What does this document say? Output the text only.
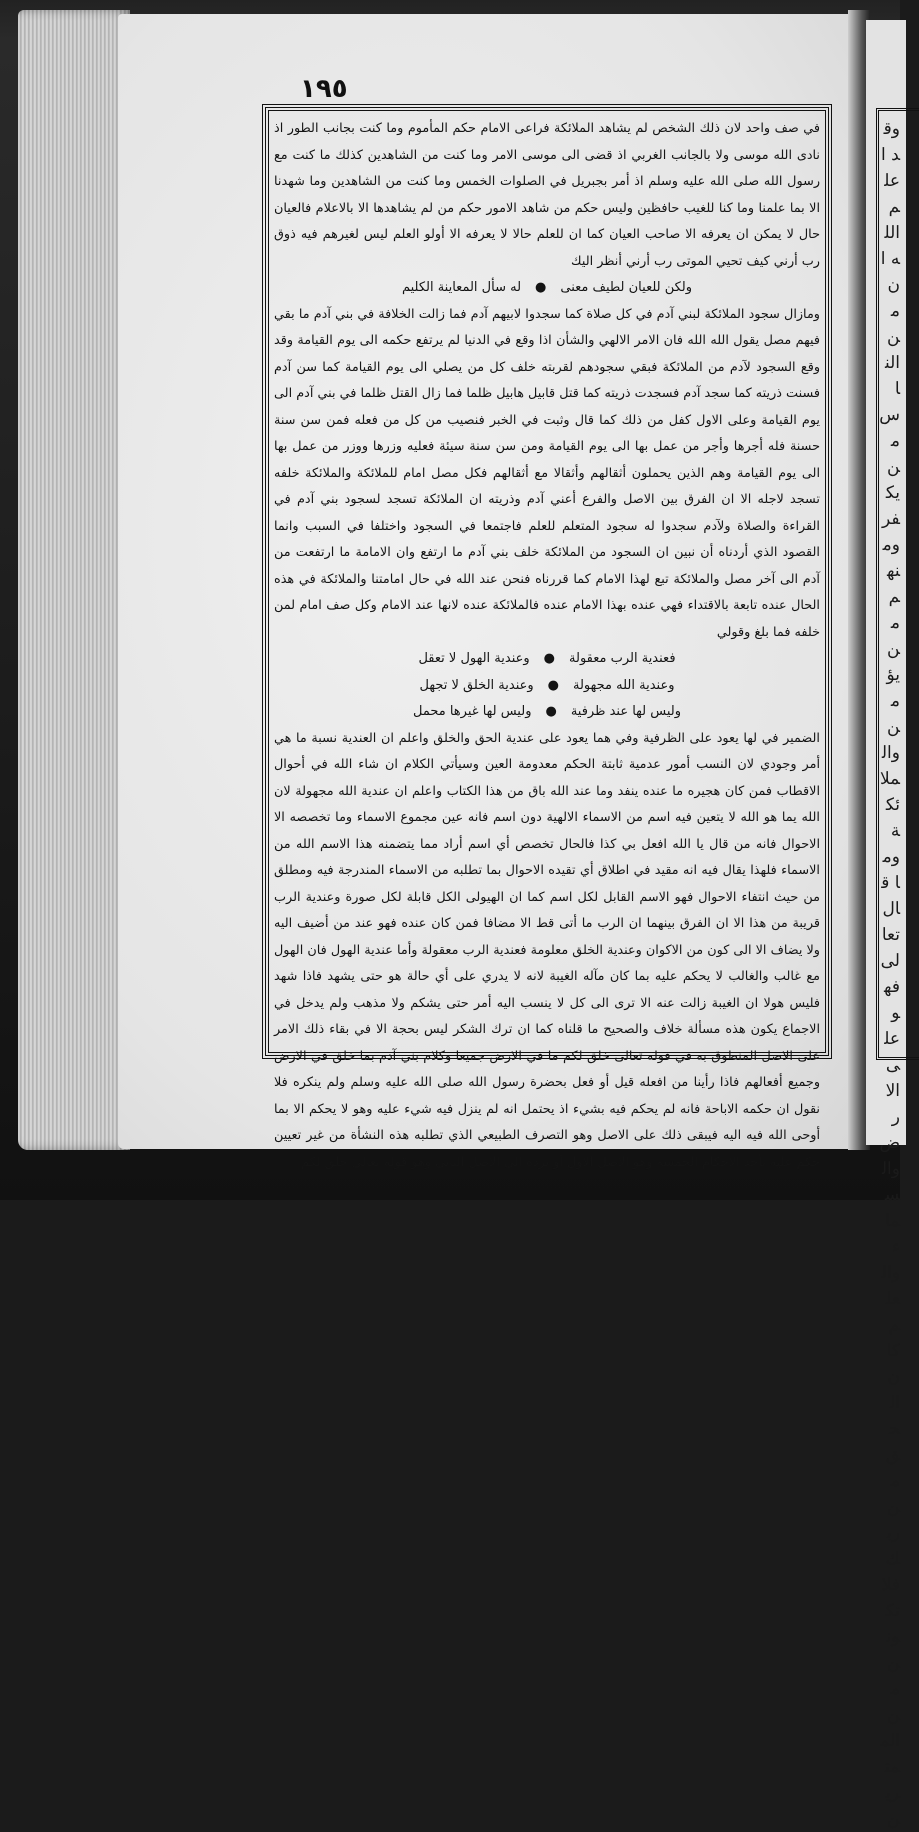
وقد اعلم الله ان من الناس من يكفر ومنهم من يؤمن والملائكة وما قال تعالى فهو على الارض والسماء والعلم كان الحق من ربك فلا تكونن من الممترين
١٩٥

في صف واحد لان ذلك الشخص لم يشاهد الملائكة فراعى الامام حكم المأموم وما كنت بجانب الطور اذ نادى الله موسى ولا بالجانب الغربي اذ قضى الى موسى الامر وما كنت من الشاهدين كذلك ما كنت مع رسول الله صلى الله عليه وسلم اذ أمر بجبريل في الصلوات الخمس وما كنت من الشاهدين وما شهدنا الا بما علمنا وما كنا للغيب حافظين وليس حكم من شاهد الامور حكم من لم يشاهدها الا بالاعلام فالعيان حال لا يمكن ان يعرفه الا صاحب العيان كما ان للعلم حالا لا يعرفه الا أولو العلم ليس لغيرهم فيه ذوق رب أرني كيف تحيي الموتى رب أرني أنظر اليك

ولكن للعيان لطيف معنى
●
له سأل المعاينة الكليم

ومازال سجود الملائكة لبني آدم في كل صلاة كما سجدوا لابيهم آدم فما زالت الخلافة في بني آدم ما بقي فيهم مصل يقول الله الله فان الامر الالهي والشأن اذا وقع في الدنيا لم يرتفع حكمه الى يوم القيامة وقد وقع السجود لآدم من الملائكة فبقي سجودهم لقربته خلف كل من يصلي الى يوم القيامة كما سن آدم فسنت ذريته كما سجد آدم فسجدت ذريته كما قتل قابيل هابيل ظلما فما زال القتل ظلما في بني آدم الى يوم القيامة وعلى الاول كفل من ذلك كما قال وثبت في الخبر فنصيب من كل من فعله فمن سن سنة حسنة فله أجرها وأجر من عمل بها الى يوم القيامة ومن سن سنة سيئة فعليه وزرها ووزر من عمل بها الى يوم القيامة وهم الذين يحملون أثقالهم وأثقالا مع أثقالهم فكل مصل امام للملائكة والملائكة خلفه تسجد لاجله الا ان الفرق بين الاصل والفرع أعني آدم وذريته ان الملائكة تسجد لسجود بني آدم في القراءة والصلاة ولآدم سجدوا له سجود المتعلم للعلم فاجتمعا في السجود واختلفا في السبب وانما القصود الذي أردناه أن نبين ان السجود من الملائكة خلف بني آدم ما ارتفع وان الامامة ما ارتفعت من آدم الى آخر مصل والملائكة تبع لهذا الامام كما قررناه فنحن عند الله في حال امامتنا والملائكة في هذه الحال عنده تابعة بالاقتداء فهي عنده بهذا الامام عنده فالملائكة عنده لانها عند الامام وكل صف امام لمن خلفه فما بلغ وقولي

فعندية الرب معقولة
●
وعندية الهول لا تعقل
وعندية الله مجهولة
●
وعندية الخلق لا تجهل
وليس لها عند ظرفية
●
وليس لها غيرها محمل

الضمير في لها يعود على الظرفية وفي هما يعود على عندية الحق والخلق واعلم ان العندية نسبة ما هي أمر وجودي لان النسب أمور عدمية ثابتة الحكم معدومة العين وسيأتي الكلام ان شاء الله في أحوال الاقطاب فمن كان هجيره ما عنده ينفد وما عند الله باق من هذا الكتاب واعلم ان عندية الله مجهولة لان الله يما هو الله لا يتعين فيه اسم من الاسماء الالهية دون اسم فانه عين مجموع الاسماء وما تخصصه الا الاحوال فانه من قال يا الله افعل بي كذا فالحال تخصص أي اسم أراد مما يتضمنه هذا الاسم الله من الاسماء فلهذا يقال فيه انه مقيد في اطلاق أي تقيده الاحوال بما تطلبه من الاسماء المندرجة فيه ومطلق من حيث انتفاء الاحوال فهو الاسم القابل لكل اسم كما ان الهيولى الكل قابلة لكل صورة وعندية الرب قريبة من هذا الا ان الفرق بينهما ان الرب ما أتى قط الا مضافا فمن كان عنده فهو عند من أضيف اليه ولا يضاف الا الى كون من الاكوان وعندية الخلق معلومة فعندية الرب معقولة وأما عندية الهول فان الهول مع غالب والغالب لا يحكم عليه بما كان مآله الغيبة لانه لا يدري على أي حالة هو حتى يشهد فاذا شهد فليس هولا ان الغيبة زالت عنه الا ترى الى كل لا ينسب اليه أمر حتى يشكم ولا مذهب ولم يدخل في الاجماع يكون هذه مسألة خلاف والصحيح ما قلناه كما ان ترك الشكر ليس بحجة الا في بقاء ذلك الامر على الاصل المنطوق به في قوله تعالى خلق لكم ما في الارض جميعا وكلام بني آدم بما خلق في الارض وجميع أفعالهم فاذا رأينا من افعله قيل أو فعل بحضرة رسول الله صلى الله عليه وسلم ولم ينكره فلا نقول ان حكمه الاباحة فانه لم يحكم فيه بشيء اذ يحتمل انه لم ينزل فيه شيء عليه وهو لا يحكم الا بما أوحى الله فيه اليه فيبقى ذلك على الاصل وهو التصرف الطبيعي الذي تطلبه هذه النشأة من غير تعيين حكم عليه بأحد الاحكام الخمسة وهو الاصل الاول أو نرده الى الاصل الثاني وهو قوله تعالى خلق لكم
